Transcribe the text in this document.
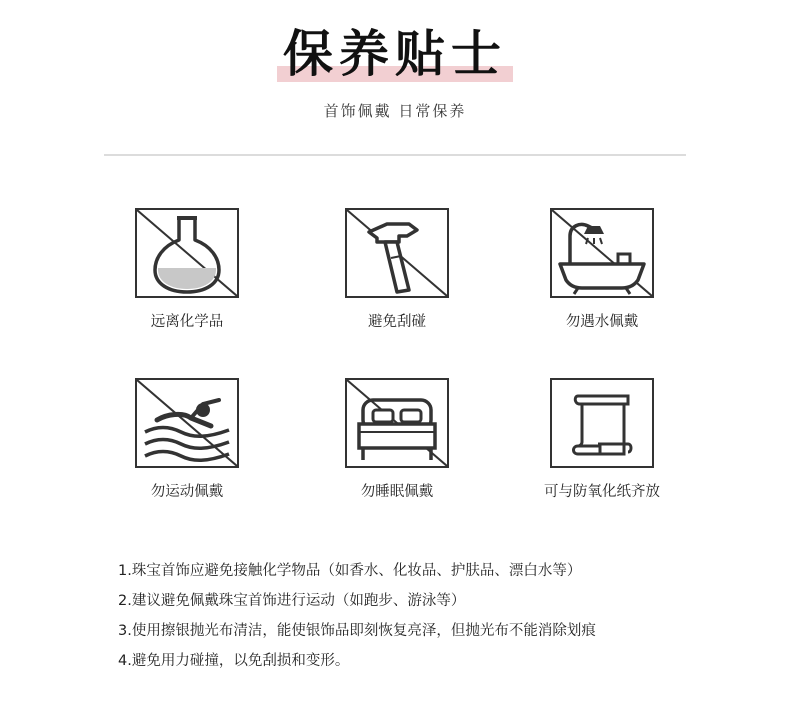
保养贴士
首饰佩戴 日常保养
远离化学品	避免刮碰	勿遇水佩戴
勿运动佩戴	勿睡眠佩戴	可与防氧化纸齐放
1.珠宝首饰应避免接触化学物品（如香水、化妆品、护肤品、漂白水等）
2.建议避免佩戴珠宝首饰进行运动（如跑步、游泳等）
3.使用擦银抛光布清洁，能使银饰品即刻恢复亮泽，但抛光布不能消除划痕
4.避免用力碰撞，以免刮损和变形。
